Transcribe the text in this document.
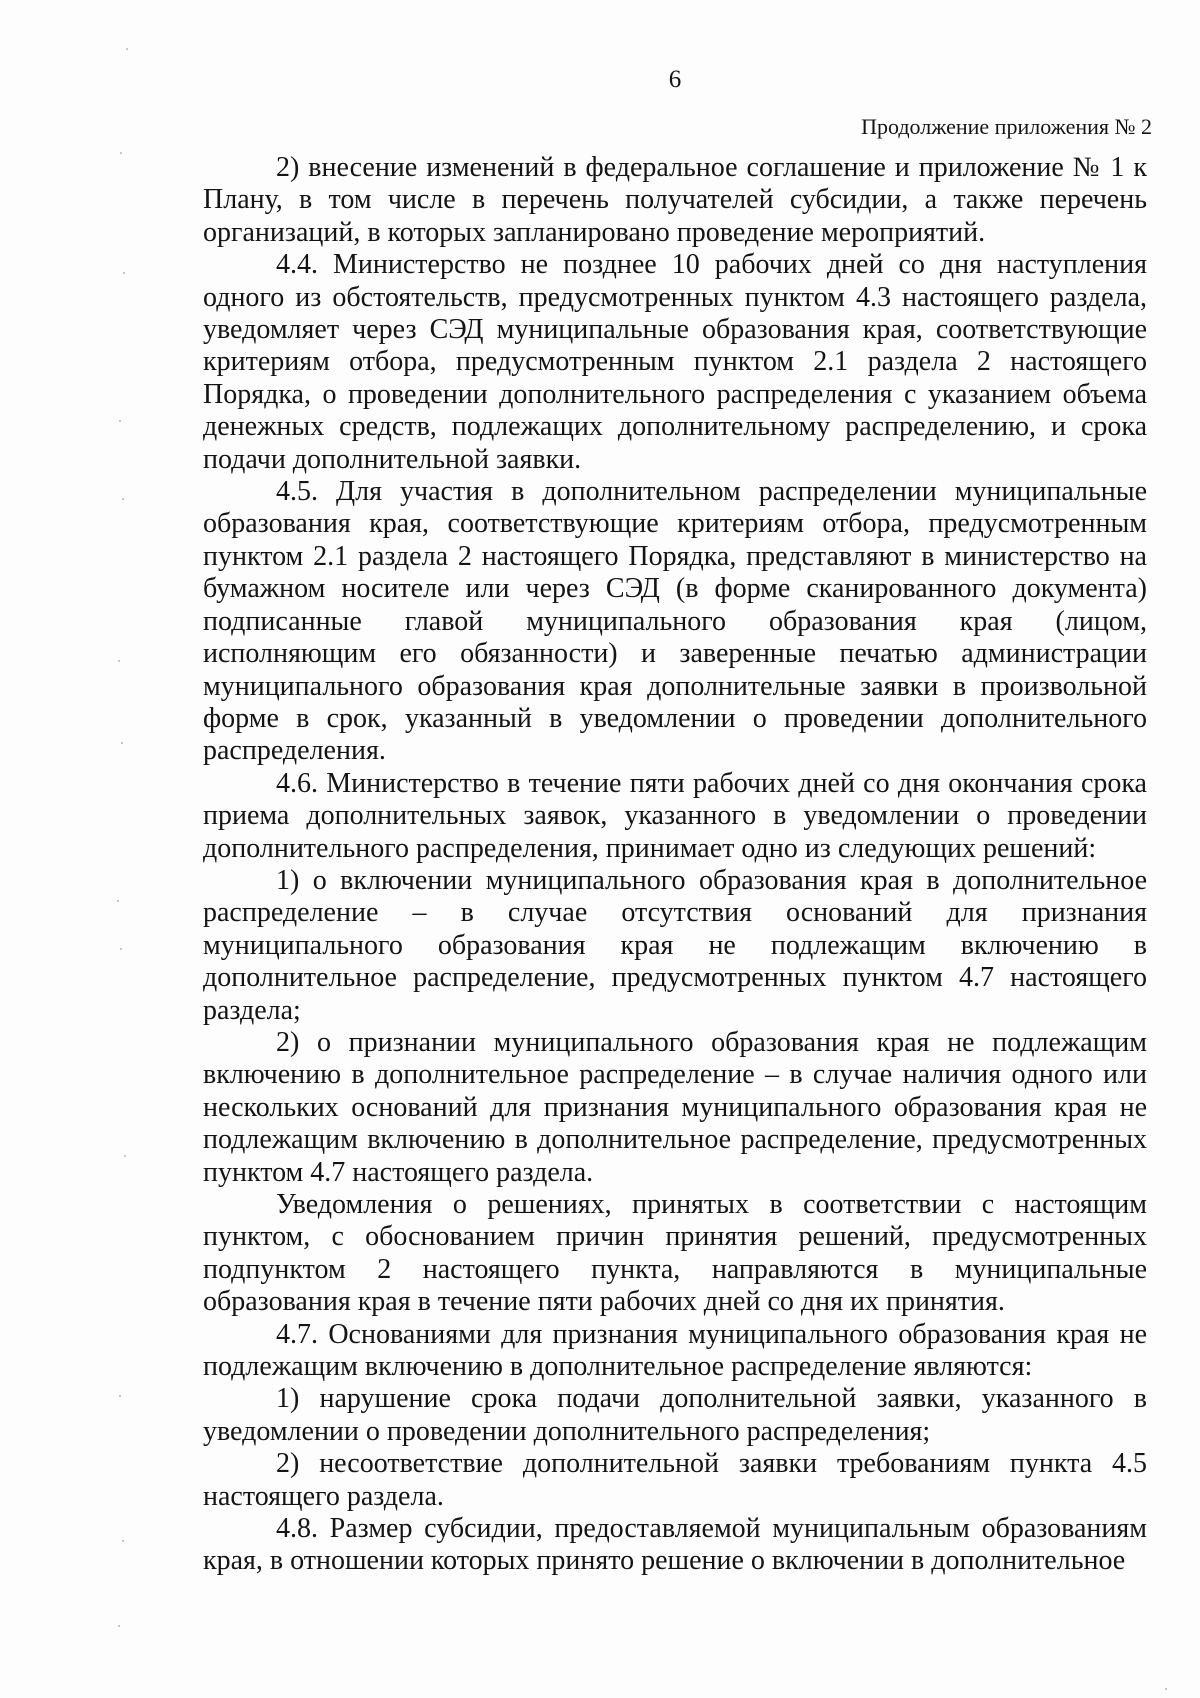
6
Продолжение приложения № 2

2) внесение изменений в федеральное соглашение и приложение № 1 к Плану, в том числе в перечень получателей субсидии, а также перечень организаций, в которых запланировано проведение мероприятий.

4.4. Министерство не позднее 10 рабочих дней со дня наступления одного из обстоятельств, предусмотренных пунктом 4.3 настоящего раздела, уведомляет через СЭД муниципальные образования края, соответствующие критериям отбора, предусмотренным пунктом 2.1 раздела 2 настоящего Порядка, о проведении дополнительного распределения с указанием объема денежных средств, подлежащих дополнительному распределению, и срока подачи дополнительной заявки.

4.5. Для участия в дополнительном распределении муниципальные образования края, соответствующие критериям отбора, предусмотренным пунктом 2.1 раздела 2 настоящего Порядка, представляют в министерство на бумажном носителе или через СЭД (в форме сканированного документа) подписанные главой муниципального образования края (лицом, исполняющим его обязанности) и заверенные печатью администрации муниципального образования края дополнительные заявки в произвольной форме в срок, указанный в уведомлении о проведении дополнительного распределения.

4.6. Министерство в течение пяти рабочих дней со дня окончания срока приема дополнительных заявок, указанного в уведомлении о проведении дополнительного распределения, принимает одно из следующих решений:

1) о включении муниципального образования края в дополнительное распределение – в случае отсутствия оснований для признания муниципального образования края не подлежащим включению в дополнительное распределение, предусмотренных пунктом 4.7 настоящего раздела;

2) о признании муниципального образования края не подлежащим включению в дополнительное распределение – в случае наличия одного или нескольких оснований для признания муниципального образования края не подлежащим включению в дополнительное распределение, предусмотренных пунктом 4.7 настоящего раздела.

Уведомления о решениях, принятых в соответствии с настоящим пунктом, с обоснованием причин принятия решений, предусмотренных подпунктом 2 настоящего пункта, направляются в муниципальные образования края в течение пяти рабочих дней со дня их принятия.

4.7. Основаниями для признания муниципального образования края не подлежащим включению в дополнительное распределение являются:

1) нарушение срока подачи дополнительной заявки, указанного в уведомлении о проведении дополнительного распределения;

2) несоответствие дополнительной заявки требованиям пункта 4.5 настоящего раздела.

4.8. Размер субсидии, предоставляемой муниципальным образованиям края, в отношении которых принято решение о включении в дополнительное
